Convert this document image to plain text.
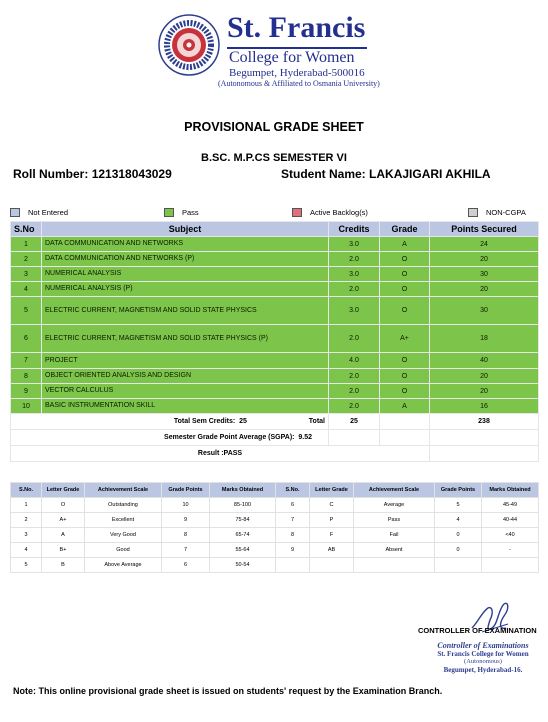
St. Francis
College for Women
Begumpet, Hyderabad-500016
(Autonomous & Affiliated to Osmania University)
PROVISIONAL GRADE SHEET
B.SC. M.P.CS SEMESTER VI
Roll Number: 121318043029	Student Name: LAKAJIGARI AKHILA
Not Entered	Pass	Active Backlog(s)	NON-CGPA
S.No	Subject	Credits	Grade	Points Secured
1	DATA COMMUNICATION AND NETWORKS	3.0	A	24
2	DATA COMMUNICATION AND NETWORKS (P)	2.0	O	20
3	NUMERICAL ANALYSIS	3.0	O	30
4	NUMERICAL ANALYSIS (P)	2.0	O	20
5	ELECTRIC CURRENT, MAGNETISM AND SOLID STATE PHYSICS	3.0	O	30
6	ELECTRIC CURRENT, MAGNETISM AND SOLID STATE PHYSICS (P)	2.0	A+	18
7	PROJECT	4.0	O	40
8	OBJECT ORIENTED ANALYSIS AND DESIGN	2.0	O	20
9	VECTOR CALCULUS	2.0	O	20
10	BASIC INSTRUMENTATION SKILL	2.0	A	16
Total Sem Credits: 25 Total		25		238
Semester Grade Point Average (SGPA): 9.52				
Result :PASS				
S.No.	Letter Grade	Achievement Scale	Grade Points	Marks Obtained	S.No.	Letter Grade	Achievement Scale	Grade Points	Marks Obtained
1	O	Outstanding	10	85-100	6	C	Average	5	45-49
2	A+	Excellent	9	75-84	7	P	Pass	4	40-44
3	A	Very Good	8	65-74	8	F	Fail	0	<40
4	B+	Good	7	55-64	9	AB	Absent	0	-
5	B	Above Average	6	50-54					
CONTROLLER OF EXAMINATION
Controller of Examinations
St. Francis College for Women
(Autonomous)
Begumpet, Hyderabad-16.
Note: This online provisional grade sheet is issued on students' request by the Examination Branch.
